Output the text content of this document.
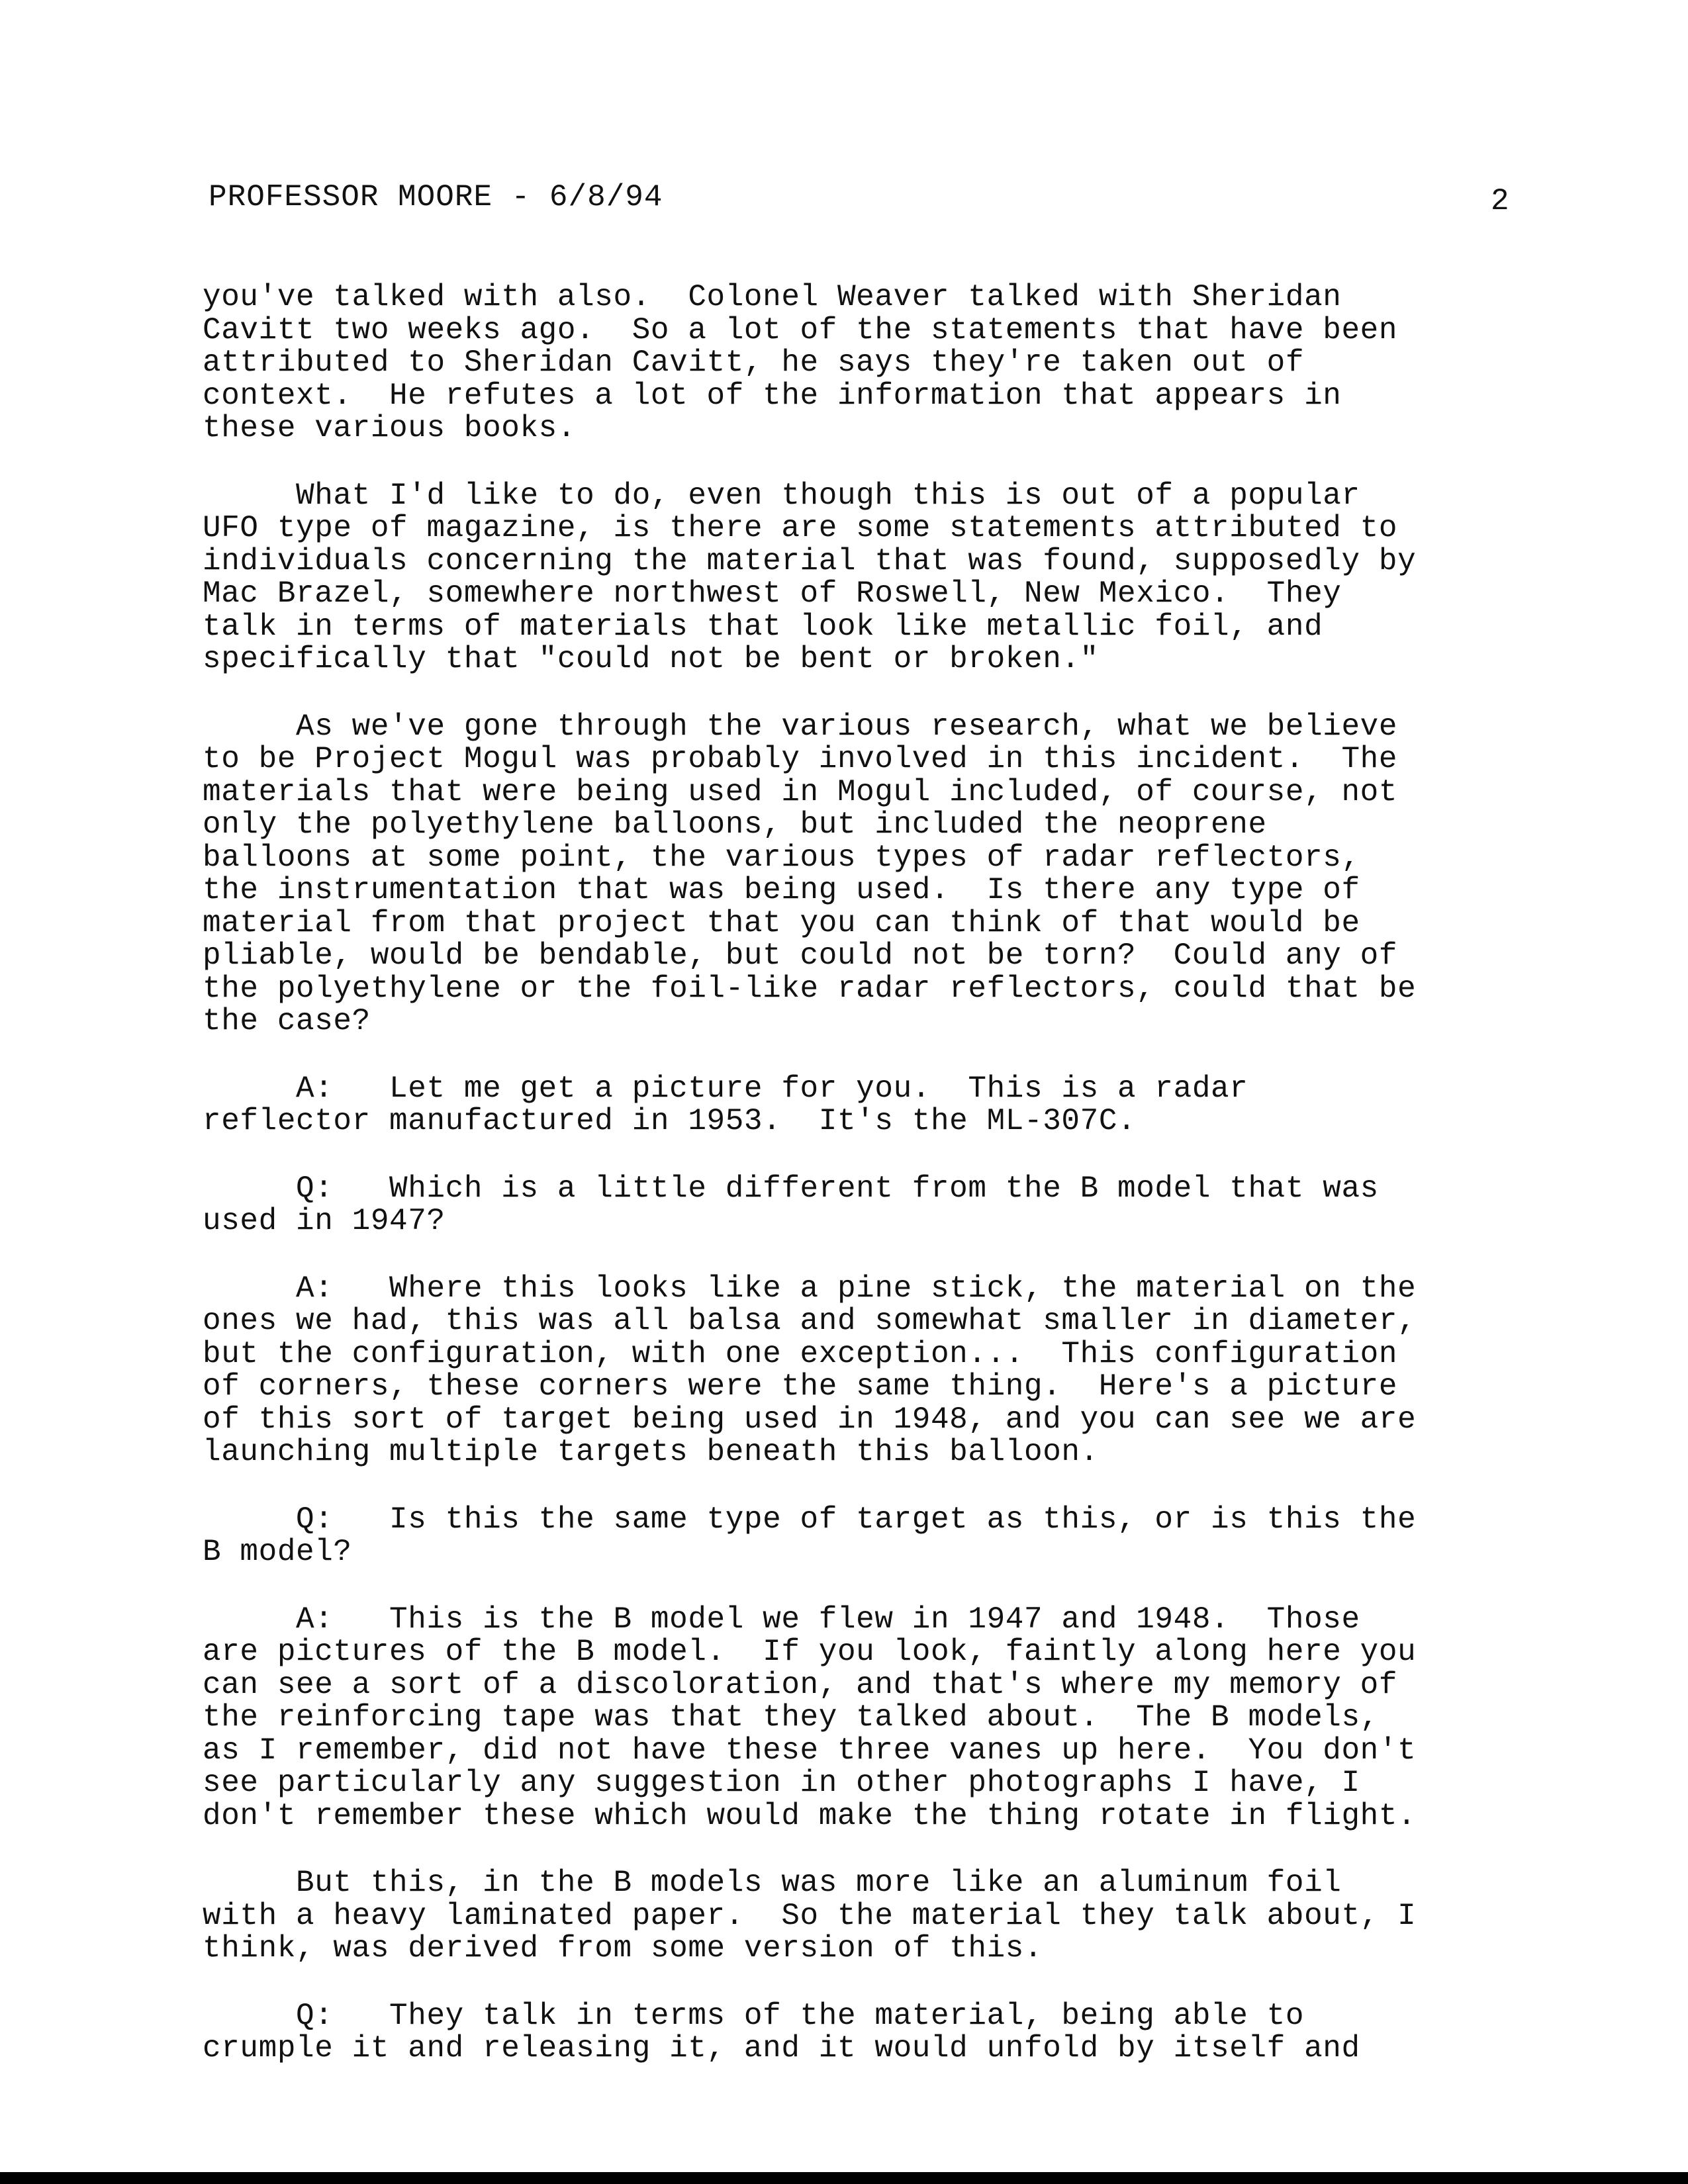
PROFESSOR MOORE - 6/8/94	2
you've talked with also.  Colonel Weaver talked with Sheridan
Cavitt two weeks ago.  So a lot of the statements that have been
attributed to Sheridan Cavitt, he says they're taken out of
context.  He refutes a lot of the information that appears in
these various books.
What I'd like to do, even though this is out of a popular
UFO type of magazine, is there are some statements attributed to
individuals concerning the material that was found, supposedly by
Mac Brazel, somewhere northwest of Roswell, New Mexico.  They
talk in terms of materials that look like metallic foil, and
specifically that "could not be bent or broken."
As we've gone through the various research, what we believe
to be Project Mogul was probably involved in this incident.  The
materials that were being used in Mogul included, of course, not
only the polyethylene balloons, but included the neoprene
balloons at some point, the various types of radar reflectors,
the instrumentation that was being used.  Is there any type of
material from that project that you can think of that would be
pliable, would be bendable, but could not be torn?  Could any of
the polyethylene or the foil-like radar reflectors, could that be
the case?
A:   Let me get a picture for you.  This is a radar
reflector manufactured in 1953.  It's the ML-307C.
Q:   Which is a little different from the B model that was
used in 1947?
A:   Where this looks like a pine stick, the material on the
ones we had, this was all balsa and somewhat smaller in diameter,
but the configuration, with one exception...  This configuration
of corners, these corners were the same thing.  Here's a picture
of this sort of target being used in 1948, and you can see we are
launching multiple targets beneath this balloon.
Q:   Is this the same type of target as this, or is this the
B model?
A:   This is the B model we flew in 1947 and 1948.  Those
are pictures of the B model.  If you look, faintly along here you
can see a sort of a discoloration, and that's where my memory of
the reinforcing tape was that they talked about.  The B models,
as I remember, did not have these three vanes up here.  You don't
see particularly any suggestion in other photographs I have, I
don't remember these which would make the thing rotate in flight.
But this, in the B models was more like an aluminum foil
with a heavy laminated paper.  So the material they talk about, I
think, was derived from some version of this.
Q:   They talk in terms of the material, being able to
crumple it and releasing it, and it would unfold by itself and
